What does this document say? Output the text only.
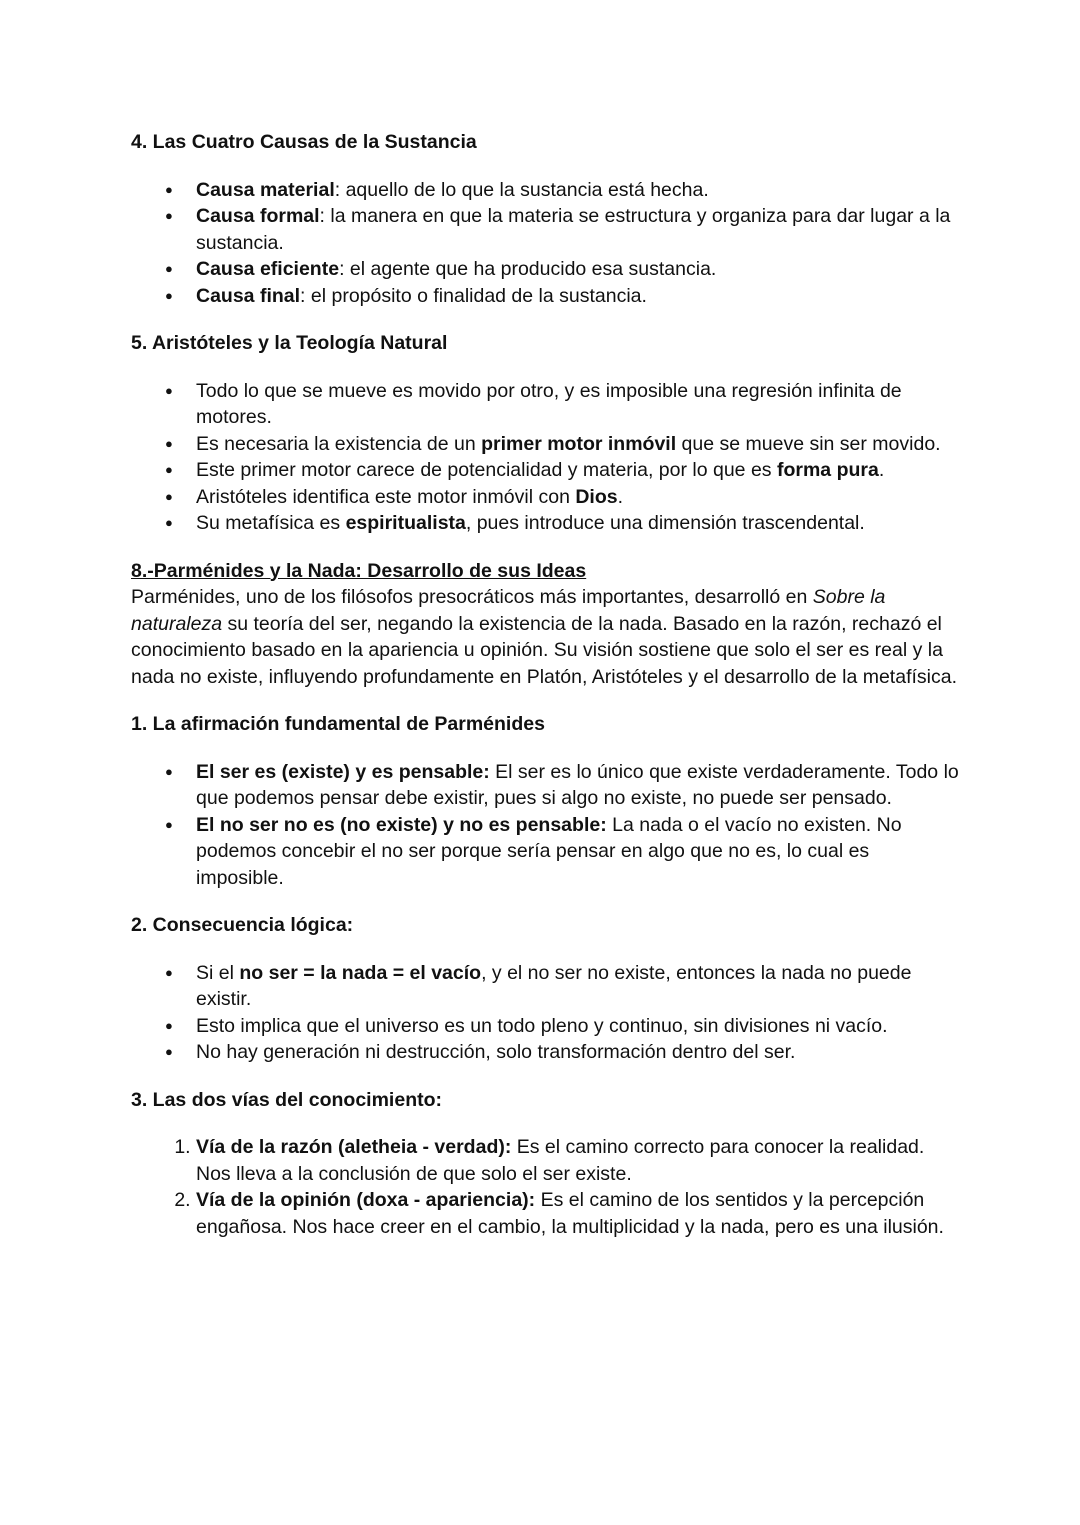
4. Las Cuatro Causas de la Sustancia
● Causa material: aquello de lo que la sustancia está hecha.
● Causa formal: la manera en que la materia se estructura y organiza para dar lugar a la sustancia.
● Causa eficiente: el agente que ha producido esa sustancia.
● Causa final: el propósito o finalidad de la sustancia.
5. Aristóteles y la Teología Natural
● Todo lo que se mueve es movido por otro, y es imposible una regresión infinita de motores.
● Es necesaria la existencia de un primer motor inmóvil que se mueve sin ser movido.
● Este primer motor carece de potencialidad y materia, por lo que es forma pura.
● Aristóteles identifica este motor inmóvil con Dios.
● Su metafísica es espiritualista, pues introduce una dimensión trascendental.
8.-Parménides y la Nada: Desarrollo de sus Ideas

Parménides, uno de los filósofos presocráticos más importantes, desarrolló en Sobre la naturaleza su teoría del ser, negando la existencia de la nada. Basado en la razón, rechazó el conocimiento basado en la apariencia u opinión. Su visión sostiene que solo el ser es real y la nada no existe, influyendo profundamente en Platón, Aristóteles y el desarrollo de la metafísica.

1. La afirmación fundamental de Parménides
● El ser es (existe) y es pensable: El ser es lo único que existe verdaderamente. Todo lo que podemos pensar debe existir, pues si algo no existe, no puede ser pensado.
● El no ser no es (no existe) y no es pensable: La nada o el vacío no existen. No podemos concebir el no ser porque sería pensar en algo que no es, lo cual es imposible.
2. Consecuencia lógica:
● Si el no ser = la nada = el vacío, y el no ser no existe, entonces la nada no puede existir.
● Esto implica que el universo es un todo pleno y continuo, sin divisiones ni vacío.
● No hay generación ni destrucción, solo transformación dentro del ser.
3. Las dos vías del conocimiento:
1. Vía de la razón (aletheia - verdad): Es el camino correcto para conocer la realidad. Nos lleva a la conclusión de que solo el ser existe.
2. Vía de la opinión (doxa - apariencia): Es el camino de los sentidos y la percepción engañosa. Nos hace creer en el cambio, la multiplicidad y la nada, pero es una ilusión.
